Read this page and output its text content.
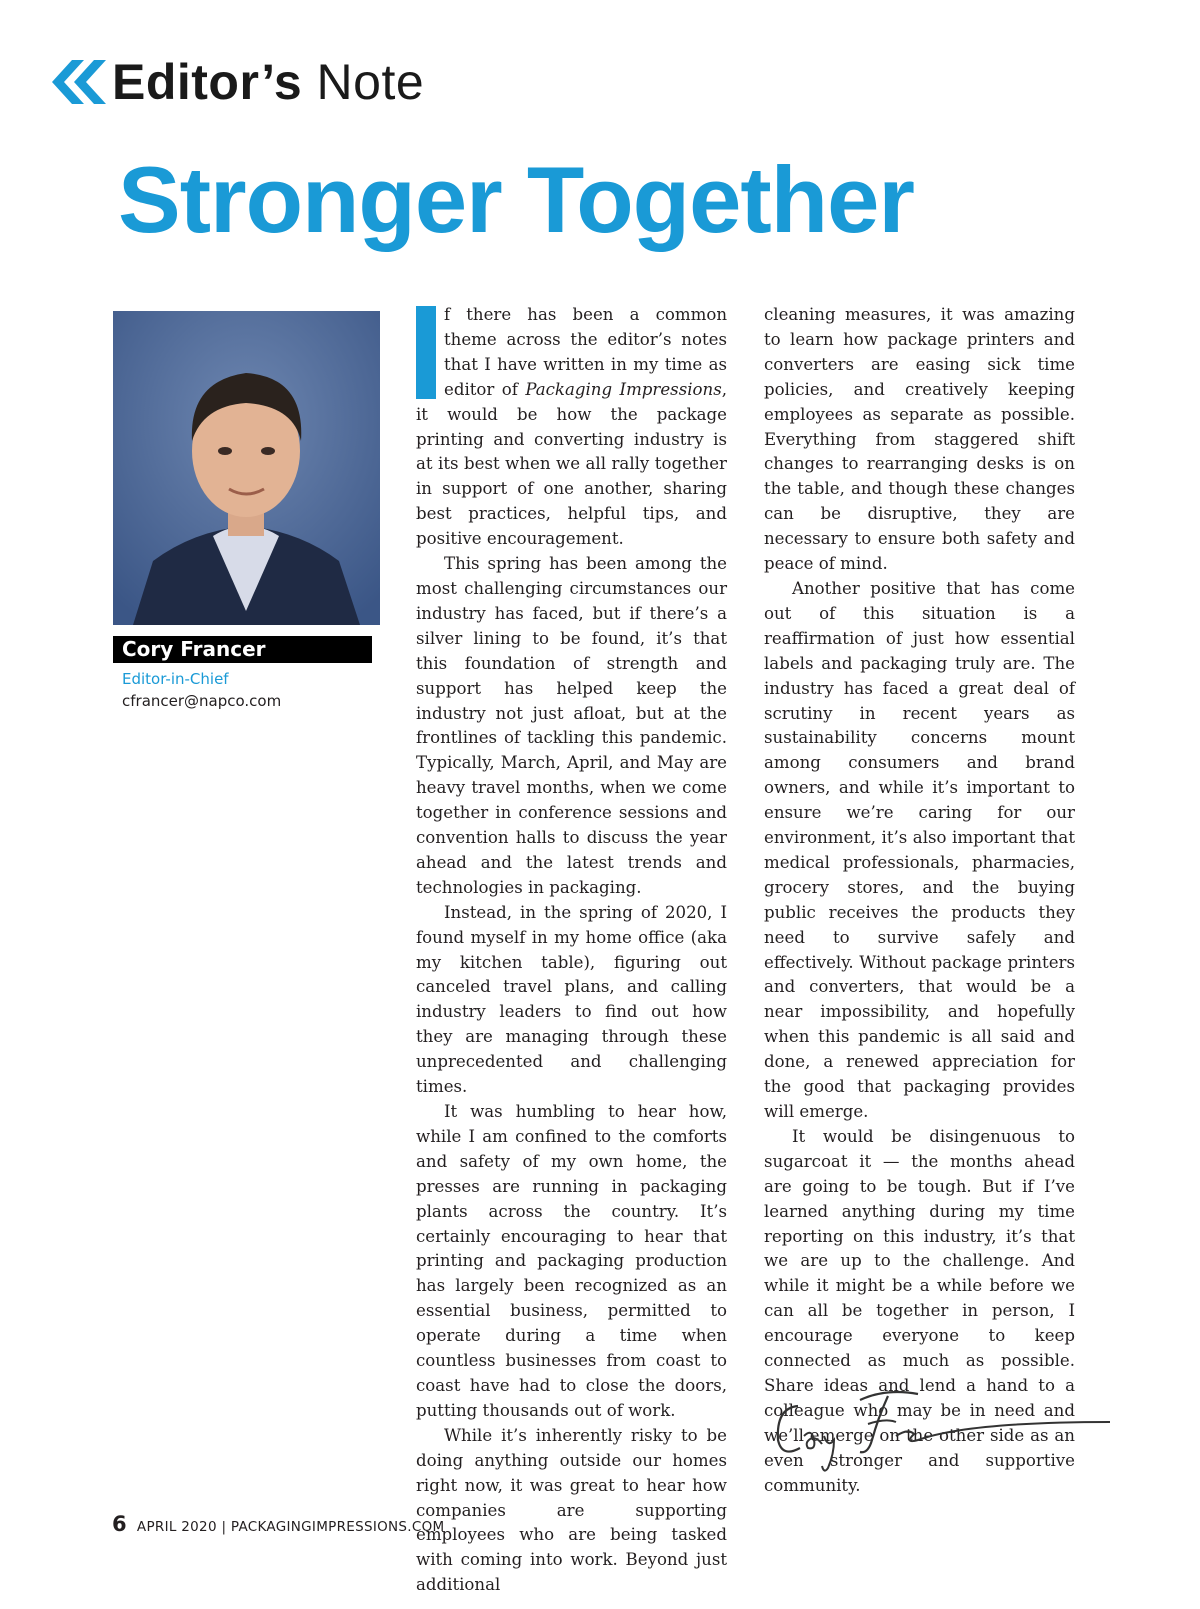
Editor’s
Note
Stronger Together
Cory Francer
Editor-in-Chief
cfrancer@napco.com

f there has been a common theme across the editor’s notes that I have written in my time as editor of Packaging Impressions, it would be how the package printing and converting industry is at its best when we all rally together in support of one another, sharing best practices, helpful tips, and positive encouragement.

This spring has been among the most challenging circumstances our industry has faced, but if there’s a silver lining to be found, it’s that this foundation of strength and support has helped keep the industry not just afloat, but at the frontlines of tackling this pandemic. Typically, March, April, and May are heavy travel months, when we come together in conference sessions and convention halls to discuss the year ahead and the latest trends and technologies in packaging.

Instead, in the spring of 2020, I found myself in my home office (aka my kitchen table), figuring out canceled travel plans, and calling industry leaders to find out how they are managing through these unprecedented and challenging times.

It was humbling to hear how, while I am confined to the comforts and safety of my own home, the presses are running in packaging plants across the country. It’s certainly encouraging to hear that printing and packaging production has largely been recognized as an essential business, permitted to operate during a time when countless businesses from coast to coast have had to close the doors, putting thousands out of work.

While it’s inherently risky to be doing anything outside our homes right now, it was great to hear how companies are supporting employees who are being tasked with coming into work. Beyond just additional

cleaning measures, it was amazing to learn how package printers and converters are easing sick time policies, and creatively keeping employees as separate as possible. Everything from staggered shift changes to rearranging desks is on the table, and though these changes can be disruptive, they are necessary to ensure both safety and peace of mind.

Another positive that has come out of this situation is a reaffirmation of just how essential labels and packaging truly are. The industry has faced a great deal of scrutiny in recent years as sustainability concerns mount among consumers and brand owners, and while it’s important to ensure we’re caring for our environment, it’s also important that medical professionals, pharmacies, grocery stores, and the buying public receives the products they need to survive safely and effectively. Without package printers and converters, that would be a near impossibility, and hopefully when this pandemic is all said and done, a renewed appreciation for the good that packaging provides will emerge.

It would be disingenuous to sugarcoat it — the months ahead are going to be tough. But if I’ve learned anything during my time reporting on this industry, it’s that we are up to the challenge. And while it might be a while before we can all be together in person, I encourage everyone to keep connected as much as possible. Share ideas and lend a hand to a colleague who may be in need and we’ll emerge on the other side as an even stronger and supportive community.

6 APRIL 2020
|
PACKAGINGIMPRESSIONS.COM
